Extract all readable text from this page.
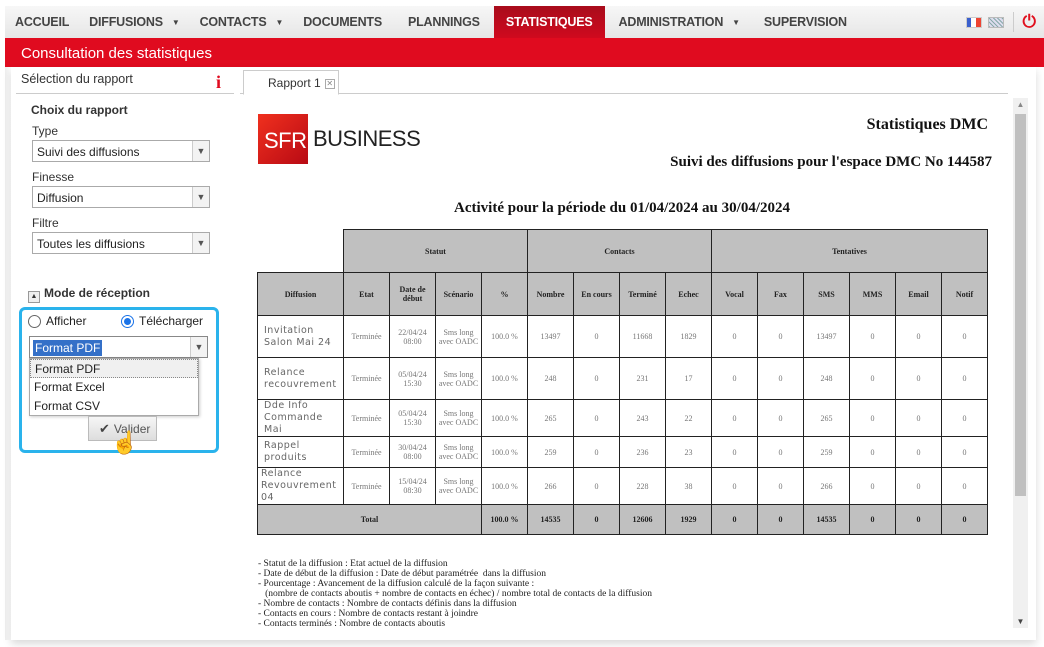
ACCUEIL DIFFUSIONS ▼ CONTACTS ▼ DOCUMENTS PLANNINGS STATISTIQUES ADMINISTRATION ▼ SUPERVISION	⏻
Consultation des statistiques
Sélection du rapport	i	Rapport 1 ✕
Choix du rapport
Type
Suivi des diffusions	▼
Finesse
Diffusion	▼
Filtre
Toutes les diffusions	▼
▲ Mode de réception
Afficher	Télécharger
Format PDF	▼
Format PDF
Format Excel
Format CSV
✔ Valider
☝
SFR BUSINESS
Statistiques DMC
Suivi des diffusions pour l'espace DMC No 144587
Activité pour la période du 01/04/2024 au 30/04/2024
	Statut				Contacts				Tentatives					
Diffusion	Etat	Date de début	Scénario	%	Nombre	En cours	Terminé	Echec	Vocal	Fax	SMS	MMS	Email	Notif
Invitation Salon Mai 24	Terminée	22/04/24 08:00	Sms long avec OADC	100.0 %	13497	0	11668	1829	0	0	13497	0	0	0
Relance recouvrement	Terminée	05/04/24 15:30	Sms long avec OADC	100.0 %	248	0	231	17	0	0	248	0	0	0
Dde Info Commande Mai	Terminée	05/04/24 15:30	Sms long avec OADC	100.0 %	265	0	243	22	0	0	265	0	0	0
Rappel produits	Terminée	30/04/24 08:00	Sms long avec OADC	100.0 %	259	0	236	23	0	0	259	0	0	0
Relance Revouvrement 04	Terminée	15/04/24 08:30	Sms long avec OADC	100.0 %	266	0	228	38	0	0	266	0	0	0
Total				100.0 %	14535	0	12606	1929	0	0	14535	0	0	0
- Statut de la diffusion : Etat actuel de la diffusion
- Date de début de la diffusion : Date de début paramétrée  dans la diffusion
- Pourcentage : Avancement de la diffusion calculé de la façon suivante :
(nombre de contacts aboutis + nombre de contacts en échec) / nombre total de contacts de la diffusion
- Nombre de contacts : Nombre de contacts définis dans la diffusion
- Contacts en cours : Nombre de contacts restant à joindre
- Contacts terminés : Nombre de contacts aboutis
▲
▼
